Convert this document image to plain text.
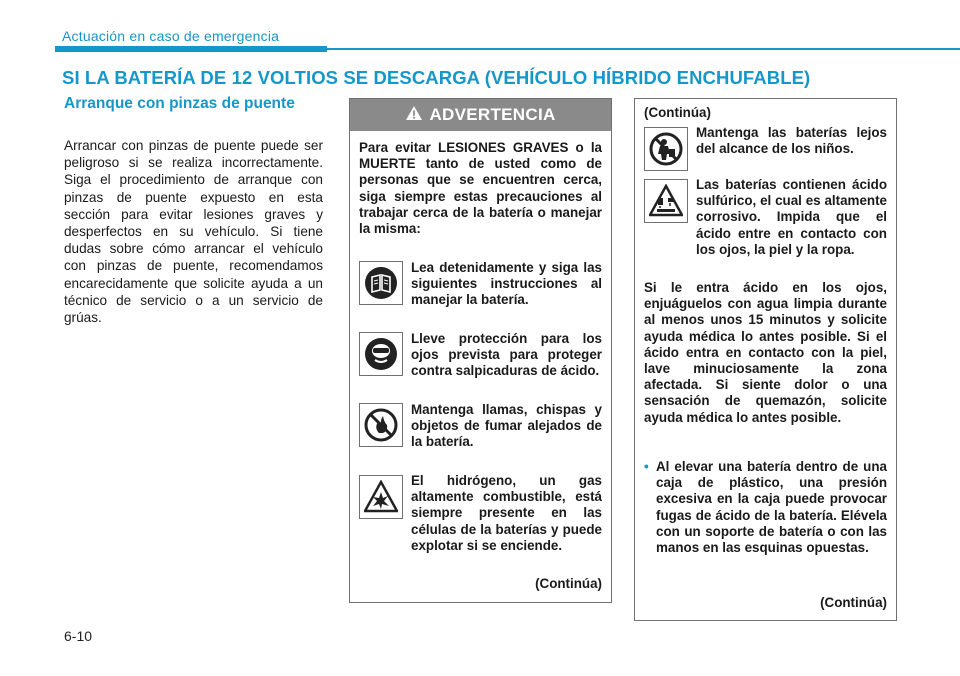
Actuación en caso de emergencia
SI LA BATERÍA DE 12 VOLTIOS SE DESCARGA (VEHÍCULO HÍBRIDO ENCHUFABLE)
Arranque con pinzas de puente
Arrancar con pinzas de puente puede ser peligroso si se realiza incorrectamente. Siga el procedimiento de arranque con pinzas de puente expuesto en esta sección para evitar lesiones graves y desperfectos en su vehículo. Si tiene dudas sobre cómo arrancar el vehículo con pinzas de puente, recomendamos encarecidamente que solicite ayuda a un técnico de servicio o a un servicio de grúas.
ADVERTENCIA
Para evitar LESIONES GRAVES o la MUERTE tanto de usted como de personas que se encuentren cerca, siga siempre estas precauciones al trabajar cerca de la batería o manejar la misma:
Lea detenidamente y siga las siguientes instrucciones al manejar la batería.
Lleve protección para los ojos prevista para proteger contra salpicaduras de ácido.
Mantenga llamas, chispas y objetos de fumar alejados de la batería.
El hidrógeno, un gas altamente combustible, está siempre presente en las células de la baterías y puede explotar si se enciende.
(Continúa)
(Continúa)
Mantenga las baterías lejos del alcance de los niños.
Las baterías contienen ácido sulfúrico, el cual es altamente corrosivo. Impida que el ácido entre en contacto con los ojos, la piel y la ropa.
Si le entra ácido en los ojos, enjuáguelos con agua limpia durante al menos unos 15 minutos y solicite ayuda médica lo antes posible. Si el ácido entra en contacto con la piel, lave minuciosamente la zona afectada. Si siente dolor o una sensación de quemazón, solicite ayuda médica lo antes posible.
• Al elevar una batería dentro de una caja de plástico, una presión excesiva en la caja puede provocar fugas de ácido de la batería. Elévela con un soporte de batería o con las manos en las esquinas opuestas.
(Continúa)
6-10
